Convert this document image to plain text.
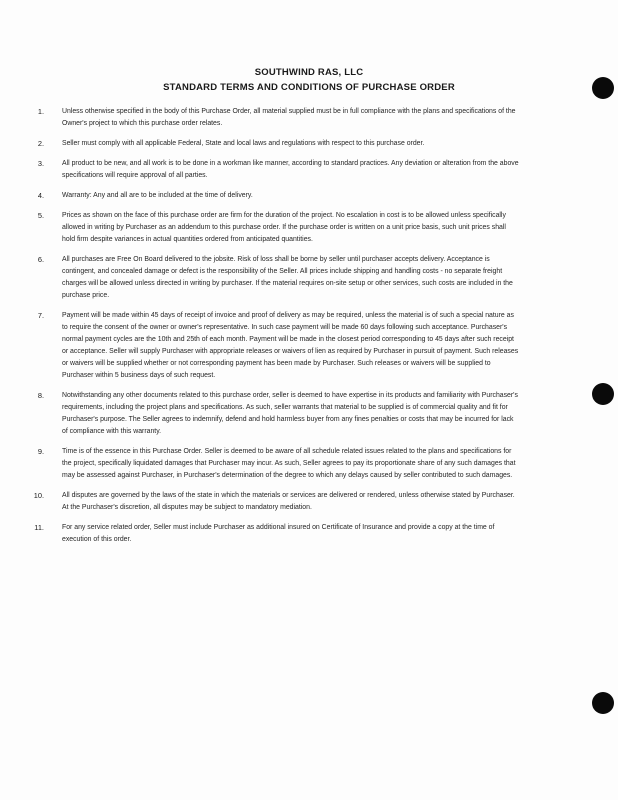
SOUTHWIND RAS, LLC
STANDARD TERMS AND CONDITIONS OF PURCHASE ORDER
1.	Unless otherwise specified in the body of this Purchase Order, all material supplied must be in full compliance with the plans and specifications of the Owner's project to which this purchase order relates.
2.	Seller must comply with all applicable Federal, State and local laws and regulations with respect to this purchase order.
3.	All product to be new, and all work is to be done in a workman like manner, according to standard practices. Any deviation or alteration from the above specifications will require approval of all parties.
4.	Warranty: Any and all are to be included at the time of delivery.
5.	Prices as shown on the face of this purchase order are firm for the duration of the project. No escalation in cost is to be allowed unless specifically allowed in writing by Purchaser as an addendum to this purchase order. If the purchase order is written on a unit price basis, such unit prices shall hold firm despite variances in actual quantities ordered from anticipated quantities.
6.	All purchases are Free On Board delivered to the jobsite. Risk of loss shall be borne by seller until purchaser accepts delivery. Acceptance is contingent, and concealed damage or defect is the responsibility of the Seller. All prices include shipping and handling costs - no separate freight charges will be allowed unless directed in writing by purchaser. If the material requires on-site setup or other services, such costs are included in the purchase price.
7.	Payment will be made within 45 days of receipt of invoice and proof of delivery as may be required, unless the material is of such a special nature as to require the consent of the owner or owner's representative. In such case payment will be made 60 days following such acceptance. Purchaser's normal payment cycles are the 10th and 25th of each month. Payment will be made in the closest period corresponding to 45 days after such receipt or acceptance. Seller will supply Purchaser with appropriate releases or waivers of lien as required by Purchaser in pursuit of payment. Such releases or waivers will be supplied whether or not corresponding payment has been made by Purchaser. Such releases or waivers will be supplied to Purchaser within 5 business days of such request.
8.	Notwithstanding any other documents related to this purchase order, seller is deemed to have expertise in its products and familiarity with Purchaser's requirements, including the project plans and specifications. As such, seller warrants that material to be supplied is of commercial quality and fit for Purchaser's purpose. The Seller agrees to indemnify, defend and hold harmless buyer from any fines penalties or costs that may be incurred for lack of compliance with this warranty.
9.	Time is of the essence in this Purchase Order. Seller is deemed to be aware of all schedule related issues related to the plans and specifications for the project, specifically liquidated damages that Purchaser may incur. As such, Seller agrees to pay its proportionate share of any such damages that may be assessed against Purchaser, in Purchaser's determination of the degree to which any delays caused by seller contributed to such damages.
10.	All disputes are governed by the laws of the state in which the materials or services are delivered or rendered, unless otherwise stated by Purchaser. At the Purchaser's discretion, all disputes may be subject to mandatory mediation.
11.	For any service related order, Seller must include Purchaser as additional insured on Certificate of Insurance and provide a copy at the time of execution of this order.
